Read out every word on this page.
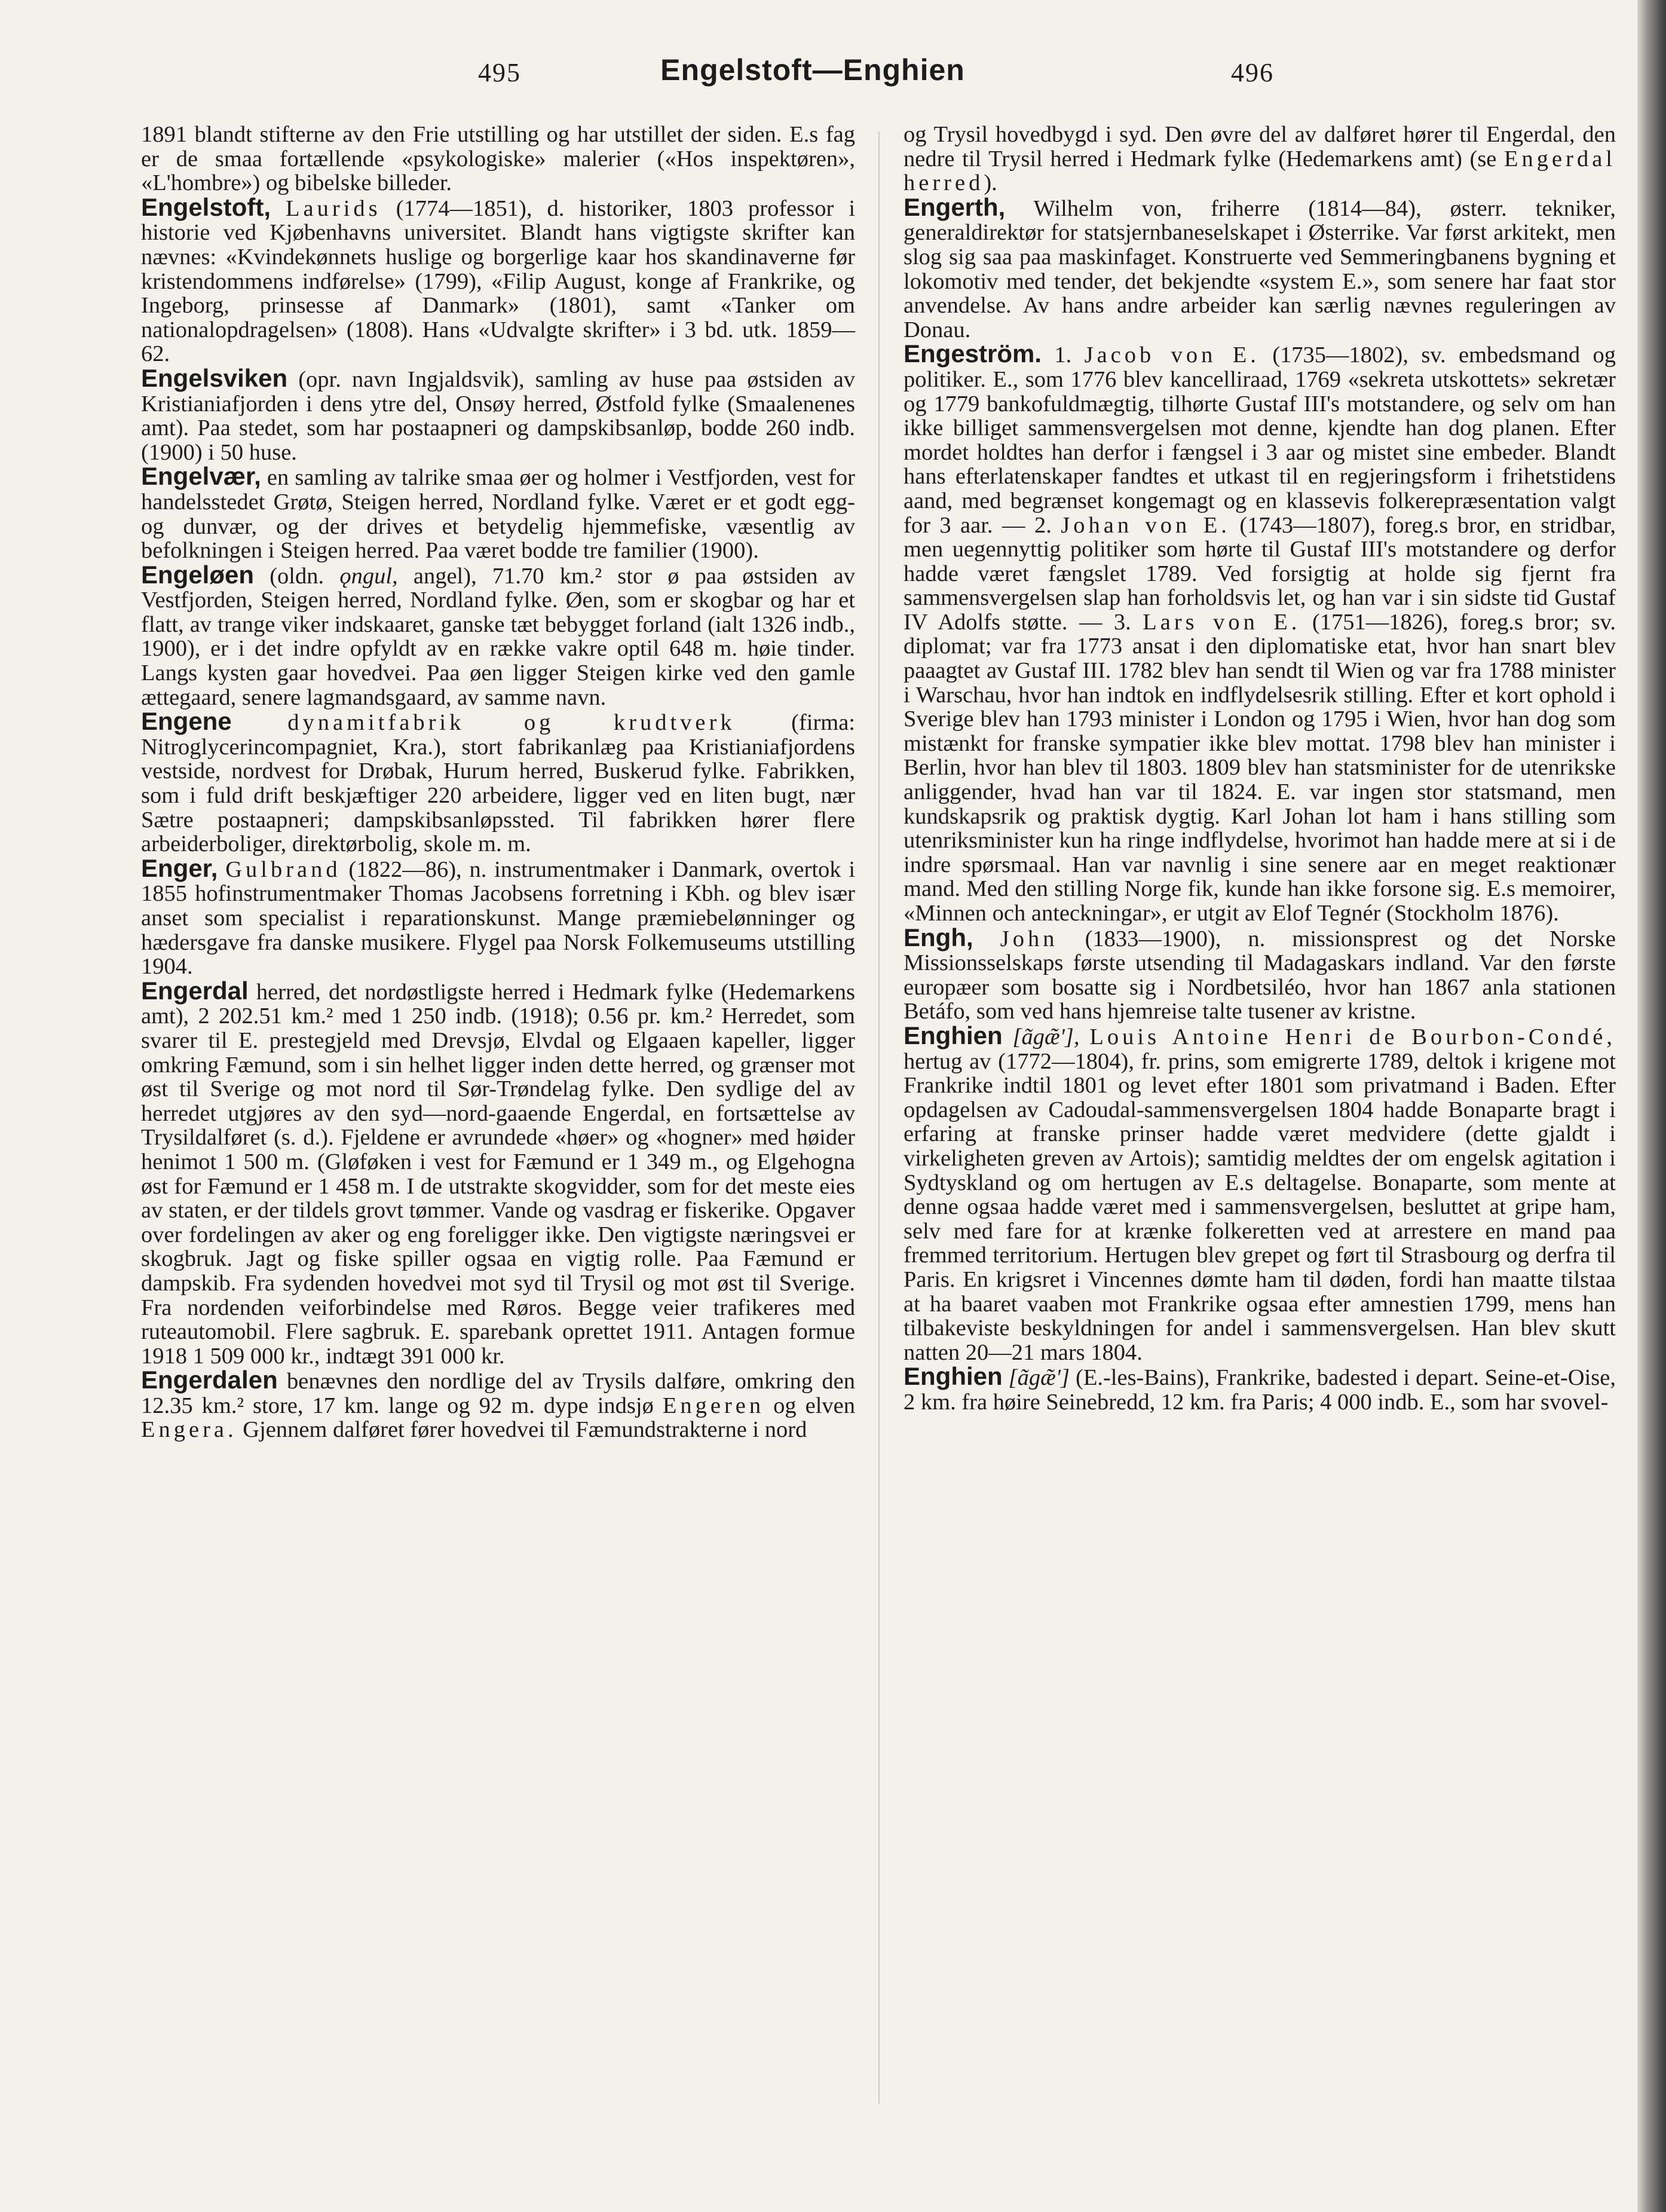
495	Engelstoft—Enghien	496

1891 blandt stifterne av den Frie utstilling og har utstillet der siden. E.s fag er de smaa fortællende «psykologiske» malerier («Hos inspektøren», «L'hombre») og bibelske billeder.

Engelstoft, Laurids (1774—1851), d. historiker, 1803 professor i historie ved Kjøbenhavns universitet. Blandt hans vigtigste skrifter kan nævnes: «Kvindekønnets huslige og borgerlige kaar hos skandinaverne før kristendommens indførelse» (1799), «Filip August, konge af Frankrike, og Ingeborg, prinsesse af Danmark» (1801), samt «Tanker om nationalopdragelsen» (1808). Hans «Udvalgte skrifter» i 3 bd. utk. 1859—62.

Engelsviken (opr. navn Ingjaldsvik), samling av huse paa østsiden av Kristianiafjorden i dens ytre del, Onsøy herred, Østfold fylke (Smaalenenes amt). Paa stedet, som har postaapneri og dampskibsanløp, bodde 260 indb. (1900) i 50 huse.

Engelvær, en samling av talrike smaa øer og holmer i Vestfjorden, vest for handelsstedet Grøtø, Steigen herred, Nordland fylke. Været er et godt egg- og dunvær, og der drives et betydelig hjemmefiske, væsentlig av befolkningen i Steigen herred. Paa været bodde tre familier (1900).

Engeløen (oldn. ǫngul, angel), 71.70 km.² stor ø paa østsiden av Vestfjorden, Steigen herred, Nordland fylke. Øen, som er skogbar og har et flatt, av trange viker indskaaret, ganske tæt bebygget forland (ialt 1326 indb., 1900), er i det indre opfyldt av en række vakre optil 648 m. høie tinder. Langs kysten gaar hovedvei. Paa øen ligger Steigen kirke ved den gamle ættegaard, senere lagmandsgaard, av samme navn.

Engene dynamitfabrik og krudtverk (firma: Nitroglycerincompagniet, Kra.), stort fabrikanlæg paa Kristianiafjordens vestside, nordvest for Drøbak, Hurum herred, Buskerud fylke. Fabrikken, som i fuld drift beskjæftiger 220 arbeidere, ligger ved en liten bugt, nær Sætre postaapneri; dampskibsanløpssted. Til fabrikken hører flere arbeiderboliger, direktørbolig, skole m. m.

Enger, Gulbrand (1822—86), n. instrumentmaker i Danmark, overtok i 1855 hofinstrumentmaker Thomas Jacobsens forretning i Kbh. og blev især anset som specialist i reparationskunst. Mange præmiebelønninger og hædersgave fra danske musikere. Flygel paa Norsk Folkemuseums utstilling 1904.

Engerdal herred, det nordøstligste herred i Hedmark fylke (Hedemarkens amt), 2 202.51 km.² med 1 250 indb. (1918); 0.56 pr. km.² Herredet, som svarer til E. prestegjeld med Drevsjø, Elvdal og Elgaaen kapeller, ligger omkring Fæmund, som i sin helhet ligger inden dette herred, og grænser mot øst til Sverige og mot nord til Sør-Trøndelag fylke. Den sydlige del av herredet utgjøres av den syd—nord-gaaende Engerdal, en fortsættelse av Trysildalføret (s. d.). Fjeldene er avrundede «høer» og «hogner» med høider henimot 1 500 m. (Gløføken i vest for Fæmund er 1 349 m., og Elgehogna øst for Fæmund er 1 458 m. I de utstrakte skogvidder, som for det meste eies av staten, er der tildels grovt tømmer. Vande og vasdrag er fiskerike. Opgaver over fordelingen av aker og eng foreligger ikke. Den vigtigste næringsvei er skogbruk. Jagt og fiske spiller ogsaa en vigtig rolle. Paa Fæmund er dampskib. Fra sydenden hovedvei mot syd til Trysil og mot øst til Sverige. Fra nordenden veiforbindelse med Røros. Begge veier trafikeres med ruteautomobil. Flere sagbruk. E. sparebank oprettet 1911. Antagen formue 1918 1 509 000 kr., indtægt 391 000 kr.

Engerdalen benævnes den nordlige del av Trysils dalføre, omkring den 12.35 km.² store, 17 km. lange og 92 m. dype indsjø Engeren og elven Engera. Gjennem dalføret fører hovedvei til Fæmundstrakterne i nord

og Trysil hovedbygd i syd. Den øvre del av dalføret hører til Engerdal, den nedre til Trysil herred i Hedmark fylke (Hedemarkens amt) (se Engerdal herred).

Engerth, Wilhelm von, friherre (1814—84), østerr. tekniker, generaldirektør for statsjernbaneselskapet i Østerrike. Var først arkitekt, men slog sig saa paa maskinfaget. Konstruerte ved Semmeringbanens bygning et lokomotiv med tender, det bekjendte «system E.», som senere har faat stor anvendelse. Av hans andre arbeider kan særlig nævnes reguleringen av Donau.

Engeström. 1. Jacob von E. (1735—1802), sv. embedsmand og politiker. E., som 1776 blev kancelliraad, 1769 «sekreta utskottets» sekretær og 1779 bankofuldmægtig, tilhørte Gustaf III's motstandere, og selv om han ikke billiget sammensvergelsen mot denne, kjendte han dog planen. Efter mordet holdtes han derfor i fængsel i 3 aar og mistet sine embeder. Blandt hans efterlatenskaper fandtes et utkast til en regjeringsform i frihetstidens aand, med begrænset kongemagt og en klassevis folkerepræsentation valgt for 3 aar. — 2. Johan von E. (1743—1807), foreg.s bror, en stridbar, men uegennyttig politiker som hørte til Gustaf III's motstandere og derfor hadde været fængslet 1789. Ved forsigtig at holde sig fjernt fra sammensvergelsen slap han forholdsvis let, og han var i sin sidste tid Gustaf IV Adolfs støtte. — 3. Lars von E. (1751—1826), foreg.s bror; sv. diplomat; var fra 1773 ansat i den diplomatiske etat, hvor han snart blev paaagtet av Gustaf III. 1782 blev han sendt til Wien og var fra 1788 minister i Warschau, hvor han indtok en indflydelsesrik stilling. Efter et kort ophold i Sverige blev han 1793 minister i London og 1795 i Wien, hvor han dog som mistænkt for franske sympatier ikke blev mottat. 1798 blev han minister i Berlin, hvor han blev til 1803. 1809 blev han statsminister for de utenrikske anliggender, hvad han var til 1824. E. var ingen stor statsmand, men kundskapsrik og praktisk dygtig. Karl Johan lot ham i hans stilling som utenriksminister kun ha ringe indflydelse, hvorimot han hadde mere at si i de indre spørsmaal. Han var navnlig i sine senere aar en meget reaktionær mand. Med den stilling Norge fik, kunde han ikke forsone sig. E.s memoirer, «Minnen och anteckningar», er utgit av Elof Tegnér (Stockholm 1876).

Engh, John (1833—1900), n. missionsprest og det Norske Missionsselskaps første utsending til Madagaskars indland. Var den første europæer som bosatte sig i Nordbetsiléo, hvor han 1867 anla stationen Betáfo, som ved hans hjemreise talte tusener av kristne.

Enghien [ãgæ̃'], Louis Antoine Henri de Bourbon-Condé, hertug av (1772—1804), fr. prins, som emigrerte 1789, deltok i krigene mot Frankrike indtil 1801 og levet efter 1801 som privatmand i Baden. Efter opdagelsen av Cadoudal-sammensvergelsen 1804 hadde Bonaparte bragt i erfaring at franske prinser hadde været medvidere (dette gjaldt i virkeligheten greven av Artois); samtidig meldtes der om engelsk agitation i Sydtyskland og om hertugen av E.s deltagelse. Bonaparte, som mente at denne ogsaa hadde været med i sammensvergelsen, besluttet at gripe ham, selv med fare for at krænke folkeretten ved at arrestere en mand paa fremmed territorium. Hertugen blev grepet og ført til Strasbourg og derfra til Paris. En krigsret i Vincennes dømte ham til døden, fordi han maatte tilstaa at ha baaret vaaben mot Frankrike ogsaa efter amnestien 1799, mens han tilbakeviste beskyldningen for andel i sammensvergelsen. Han blev skutt natten 20—21 mars 1804.

Enghien [ãgæ̃'] (E.-les-Bains), Frankrike, badested i depart. Seine-et-Oise, 2 km. fra høire Seinebredd, 12 km. fra Paris; 4 000 indb. E., som har svovel-
